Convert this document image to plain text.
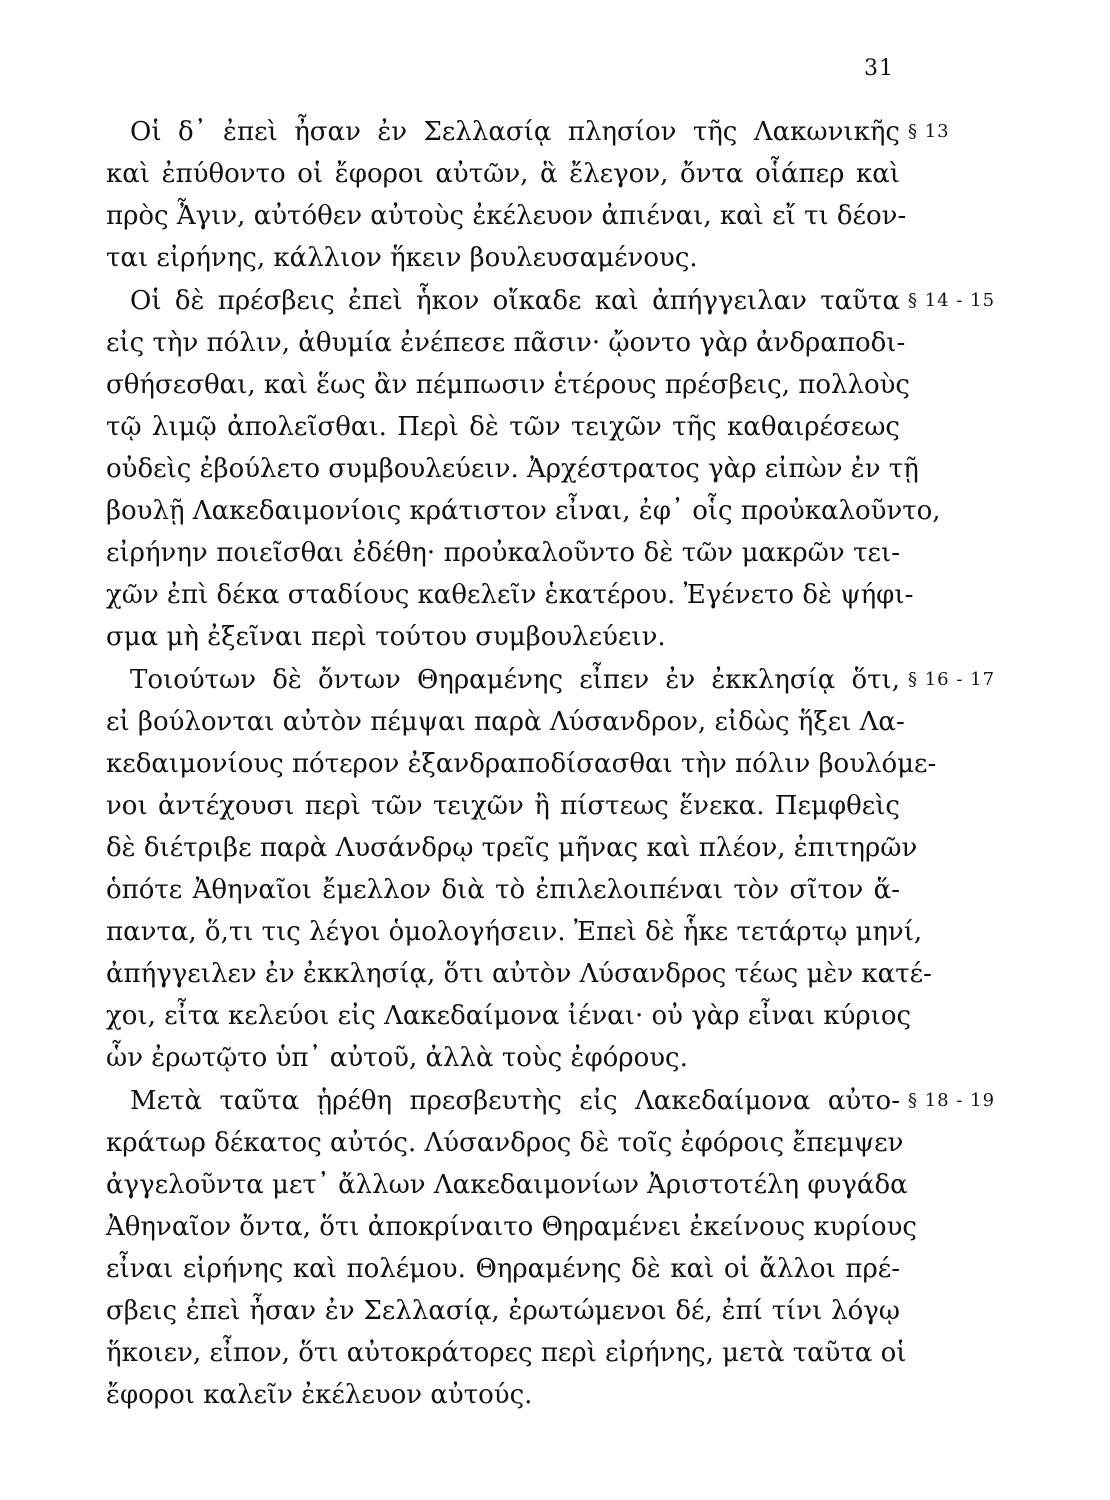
31
Οἱ δ᾽ ἐπεὶ ἦσαν ἐν Σελλασίᾳ πλησίον τῆς Λακωνικῆς § 13
καὶ ἐπύθοντο οἱ ἔφοροι αὐτῶν, ἃ ἔλεγον, ὄντα οἷάπερ καὶ
πρὸς Ἆγιν, αὐτόθεν αὐτοὺς ἐκέλευον ἀπιέναι, καὶ εἴ τι δέον-
ται εἰρήνης, κάλλιον ἥκειν βουλευσαμένους.
Οἱ δὲ πρέσβεις ἐπεὶ ἧκον οἴκαδε καὶ ἀπήγγειλαν ταῦτα § 14 - 15
εἰς τὴν πόλιν, ἀθυμία ἐνέπεσε πᾶσιν· ᾤοντο γὰρ ἀνδραποδι-
σθήσεσθαι, καὶ ἕως ἂν πέμπωσιν ἑτέρους πρέσβεις, πολλοὺς
τῷ λιμῷ ἀπολεῖσθαι. Περὶ δὲ τῶν τειχῶν τῆς καθαιρέσεως
οὐδεὶς ἐβούλετο συμβουλεύειν. Ἀρχέστρατος γὰρ εἰπὼν ἐν τῇ
βουλῇ Λακεδαιμονίοις κράτιστον εἶναι, ἐφ᾽ οἷς προὐκαλοῦντο,
εἰρήνην ποιεῖσθαι ἐδέθη· προὐκαλοῦντο δὲ τῶν μακρῶν τει-
χῶν ἐπὶ δέκα σταδίους καθελεῖν ἑκατέρου. Ἐγένετο δὲ ψήφι-
σμα μὴ ἐξεῖναι περὶ τούτου συμβουλεύειν.
Τοιούτων δὲ ὄντων Θηραμένης εἶπεν ἐν ἐκκλησίᾳ ὅτι, § 16 - 17
εἰ βούλονται αὐτὸν πέμψαι παρὰ Λύσανδρον, εἰδὼς ἥξει Λα-
κεδαιμονίους πότερον ἐξανδραποδίσασθαι τὴν πόλιν βουλόμε-
νοι ἀντέχουσι περὶ τῶν τειχῶν ἢ πίστεως ἕνεκα. Πεμφθεὶς
δὲ διέτριβε παρὰ Λυσάνδρῳ τρεῖς μῆνας καὶ πλέον, ἐπιτηρῶν
ὁπότε Ἀθηναῖοι ἔμελλον διὰ τὸ ἐπιλελοιπέναι τὸν σῖτον ἅ-
παντα, ὅ,τι τις λέγοι ὁμολογήσειν. Ἐπεὶ δὲ ἧκε τετάρτῳ μηνί,
ἀπήγγειλεν ἐν ἐκκλησίᾳ, ὅτι αὐτὸν Λύσανδρος τέως μὲν κατέ-
χοι, εἶτα κελεύοι εἰς Λακεδαίμονα ἰέναι· οὐ γὰρ εἶναι κύριος
ὧν ἐρωτῷτο ὑπ᾽ αὐτοῦ, ἀλλὰ τοὺς ἐφόρους.
Μετὰ ταῦτα ᾑρέθη πρεσβευτὴς εἰς Λακεδαίμονα αὐτο- § 18 - 19
κράτωρ δέκατος αὐτός. Λύσανδρος δὲ τοῖς ἐφόροις ἔπεμψεν
ἀγγελοῦντα μετ᾽ ἄλλων Λακεδαιμονίων Ἀριστοτέλη φυγάδα
Ἀθηναῖον ὄντα, ὅτι ἀποκρίναιτο Θηραμένει ἐκείνους κυρίους
εἶναι εἰρήνης καὶ πολέμου. Θηραμένης δὲ καὶ οἱ ἄλλοι πρέ-
σβεις ἐπεὶ ἦσαν ἐν Σελλασίᾳ, ἐρωτώμενοι δέ, ἐπί τίνι λόγῳ
ἥκοιεν, εἶπον, ὅτι αὐτοκράτορες περὶ εἰρήνης, μετὰ ταῦτα οἱ
ἔφοροι καλεῖν ἐκέλευον αὐτούς.
